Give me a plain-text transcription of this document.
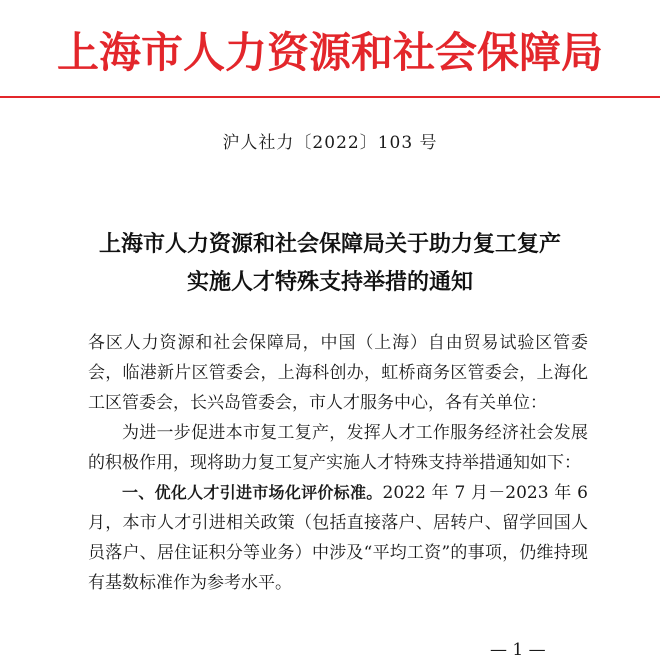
上海市人力资源和社会保障局
沪人社力〔2022〕103 号
上海市人力资源和社会保障局关于助力复工复产
实施人才特殊支持举措的通知

各区人力资源和社会保障局，中国（上海）自由贸易试验区管委会，临港新片区管委会，上海科创办，虹桥商务区管委会，上海化工区管委会，长兴岛管委会，市人才服务中心，各有关单位：

为进一步促进本市复工复产，发挥人才工作服务经济社会发展的积极作用，现将助力复工复产实施人才特殊支持举措通知如下：

一、优化人才引进市场化评价标准。2022 年 7 月－2023 年 6 月，本市人才引进相关政策（包括直接落户、居转户、留学回国人员落户、居住证积分等业务）中涉及“平均工资”的事项，仍维持现有基数标准作为参考水平。

— 1 —
